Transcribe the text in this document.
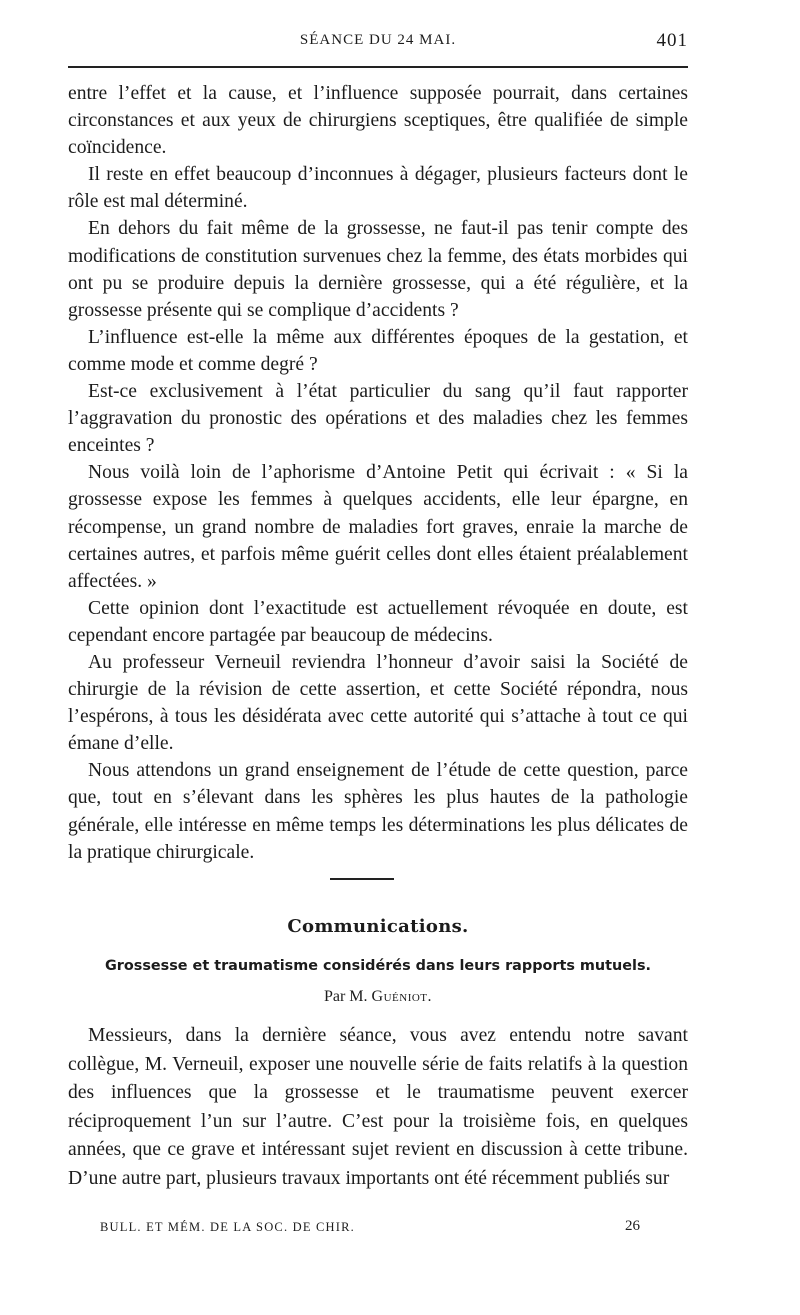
SÉANCE DU 24 MAI.	401

entre l’effet et la cause, et l’influence supposée pourrait, dans certaines circonstances et aux yeux de chirurgiens sceptiques, être qualifiée de simple coïncidence.

Il reste en effet beaucoup d’inconnues à dégager, plusieurs facteurs dont le rôle est mal déterminé.

En dehors du fait même de la grossesse, ne faut-il pas tenir compte des modifications de constitution survenues chez la femme, des états morbides qui ont pu se produire depuis la dernière grossesse, qui a été régulière, et la grossesse présente qui se complique d’accidents ?

L’influence est-elle la même aux différentes époques de la gestation, et comme mode et comme degré ?

Est-ce exclusivement à l’état particulier du sang qu’il faut rapporter l’aggravation du pronostic des opérations et des maladies chez les femmes enceintes ?

Nous voilà loin de l’aphorisme d’Antoine Petit qui écrivait : « Si la grossesse expose les femmes à quelques accidents, elle leur épargne, en récompense, un grand nombre de maladies fort graves, enraie la marche de certaines autres, et parfois même guérit celles dont elles étaient préalablement affectées. »

Cette opinion dont l’exactitude est actuellement révoquée en doute, est cependant encore partagée par beaucoup de médecins.

Au professeur Verneuil reviendra l’honneur d’avoir saisi la Société de chirurgie de la révision de cette assertion, et cette Société répondra, nous l’espérons, à tous les désidérata avec cette autorité qui s’attache à tout ce qui émane d’elle.

Nous attendons un grand enseignement de l’étude de cette question, parce que, tout en s’élevant dans les sphères les plus hautes de la pathologie générale, elle intéresse en même temps les déterminations les plus délicates de la pratique chirurgicale.

Communications.
Grossesse et traumatisme considérés dans leurs rapports mutuels.
Par M. Guéniot.

Messieurs, dans la dernière séance, vous avez entendu notre savant collègue, M. Verneuil, exposer une nouvelle série de faits relatifs à la question des influences que la grossesse et le traumatisme peuvent exercer réciproquement l’un sur l’autre. C’est pour la troisième fois, en quelques années, que ce grave et intéressant sujet revient en discussion à cette tribune. D’une autre part, plusieurs travaux importants ont été récemment publiés sur

BULL. ET MÉM. DE LA SOC. DE CHIR.	26
